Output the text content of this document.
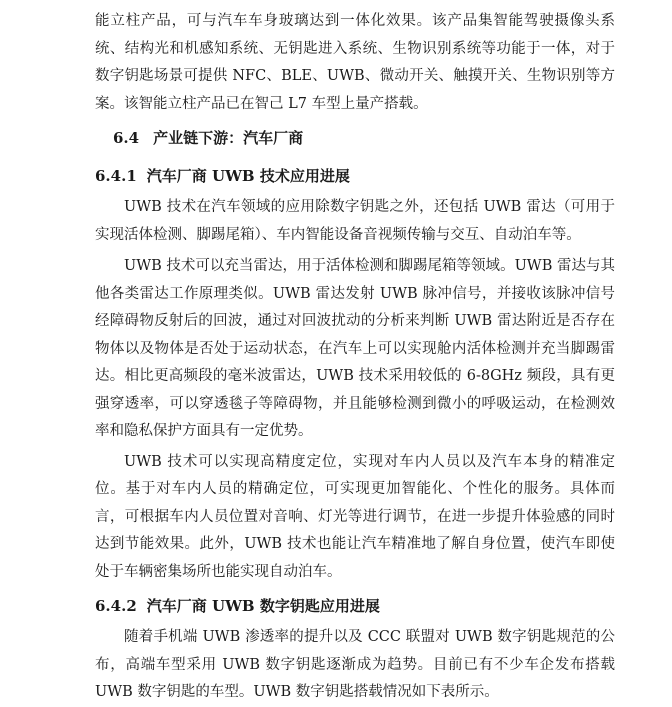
能立柱产品，可与汽车车身玻璃达到一体化效果。该产品集智能驾驶摄像头系统、结构光和机感知系统、无钥匙进入系统、生物识别系统等功能于一体，对于数字钥匙场景可提供 NFC、BLE、UWB、微动开关、触摸开关、生物识别等方案。该智能立柱产品已在智己 L7 车型上量产搭载。

6.4 产业链下游：汽车厂商
6.4.1 汽车厂商 UWB 技术应用进展

UWB 技术在汽车领域的应用除数字钥匙之外，还包括 UWB 雷达（可用于实现活体检测、脚踢尾箱）、车内智能设备音视频传输与交互、自动泊车等。

UWB 技术可以充当雷达，用于活体检测和脚踢尾箱等领域。UWB 雷达与其他各类雷达工作原理类似。UWB 雷达发射 UWB 脉冲信号，并接收该脉冲信号经障碍物反射后的回波，通过对回波扰动的分析来判断 UWB 雷达附近是否存在物体以及物体是否处于运动状态，在汽车上可以实现舱内活体检测并充当脚踢雷达。相比更高频段的毫米波雷达，UWB 技术采用较低的 6-8GHz 频段，具有更强穿透率，可以穿透毯子等障碍物，并且能够检测到微小的呼吸运动，在检测效率和隐私保护方面具有一定优势。

UWB 技术可以实现高精度定位，实现对车内人员以及汽车本身的精准定位。基于对车内人员的精确定位，可实现更加智能化、个性化的服务。具体而言，可根据车内人员位置对音响、灯光等进行调节，在进一步提升体验感的同时达到节能效果。此外，UWB 技术也能让汽车精准地了解自身位置，使汽车即使处于车辆密集场所也能实现自动泊车。

6.4.2 汽车厂商 UWB 数字钥匙应用进展

随着手机端 UWB 渗透率的提升以及 CCC 联盟对 UWB 数字钥匙规范的公布，高端车型采用 UWB 数字钥匙逐渐成为趋势。目前已有不少车企发布搭载 UWB 数字钥匙的车型。UWB 数字钥匙搭载情况如下表所示。
